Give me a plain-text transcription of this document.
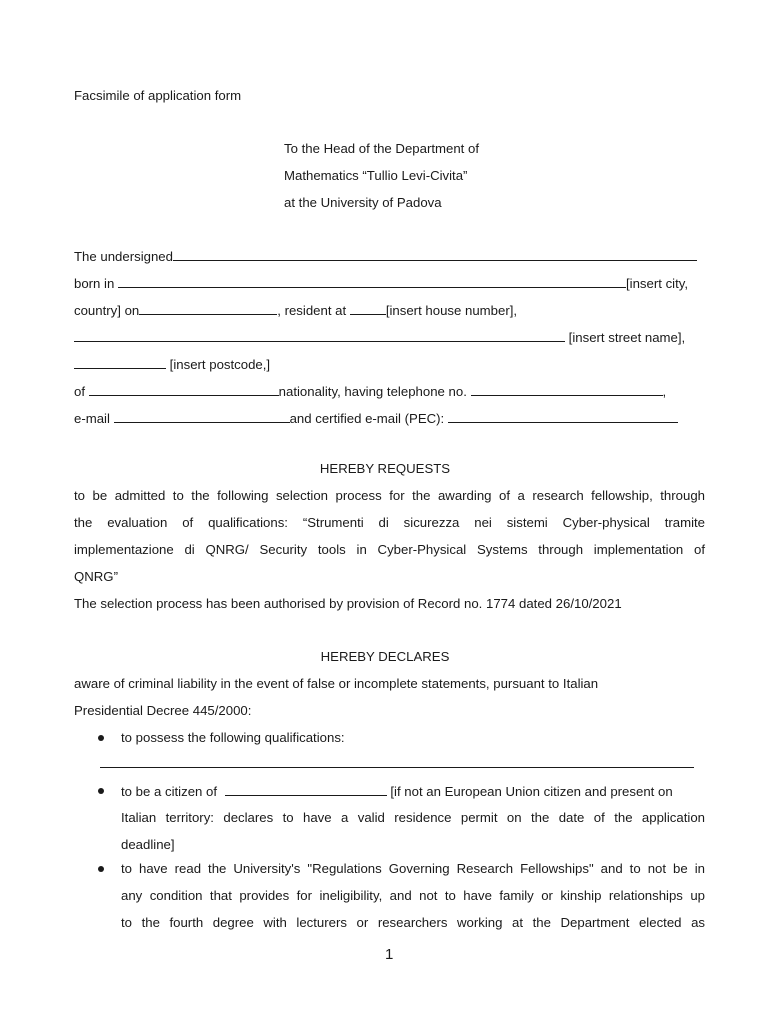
Facsimile of application form
To the Head of the Department of
Mathematics “Tullio Levi-Civita”
at the University of Padova
The undersigned
born in	[insert city,
country] on	, resident at	[insert house number],
[insert street name],
[insert postcode,]
of	nationality, having telephone no.	,
e-mail	and certified e-mail (PEC):
HEREBY REQUESTS
to be admitted to the following selection process for the awarding of a research fellowship, through
the evaluation of qualifications: “Strumenti di sicurezza nei sistemi Cyber-physical tramite
implementazione di QNRG/ Security tools in Cyber-Physical Systems through implementation of
QNRG”
The selection process has been authorised by provision of Record no. 1774 dated 26/10/2021
HEREBY DECLARES
aware of criminal liability in the event of false or incomplete statements, pursuant to Italian
Presidential Decree 445/2000:
to possess the following qualifications:
to be a citizen of	[if not an European Union citizen and present on
Italian territory: declares to have a valid residence permit on the date of the application
deadline]
to have read the University's "Regulations Governing Research Fellowships" and to not be in
any condition that provides for ineligibility, and not to have family or kinship relationships up
to the fourth degree with lecturers or researchers working at the Department elected as
1
